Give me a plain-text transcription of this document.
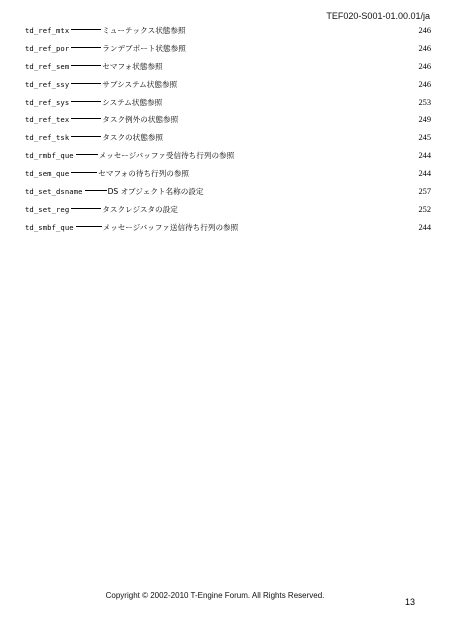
TEF020-S001-01.00.01/ja
td_ref_mtx	ミューテックス状態参照	246
td_ref_por	ランデブポート状態参照	246
td_ref_sem	セマフォ状態参照	246
td_ref_ssy	サブシステム状態参照	246
td_ref_sys	システム状態参照	253
td_ref_tex	タスク例外の状態参照	249
td_ref_tsk	タスクの状態参照	245
td_rmbf_que	メッセージバッファ受信待ち行列の参照	244
td_sem_que	セマフォの待ち行列の参照	244
td_set_dsname	DS オブジェクト名称の設定	257
td_set_reg	タスクレジスタの設定	252
td_smbf_que	メッセージバッファ送信待ち行列の参照	244
Copyright © 2002-2010 T-Engine Forum. All Rights Reserved.
13
